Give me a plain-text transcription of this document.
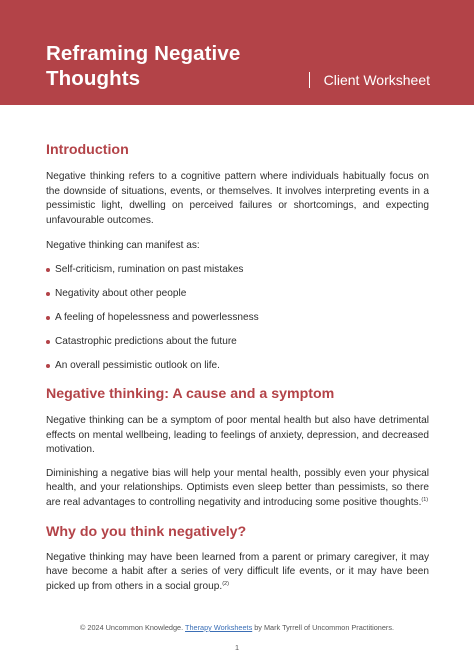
Reframing Negative
Thoughts	Client Worksheet
Introduction

Negative thinking refers to a cognitive pattern where individuals habitually focus on the downside of situations, events, or themselves. It involves interpreting events in a pessimistic light, dwelling on perceived failures or shortcomings, and expecting unfavourable outcomes.

Negative thinking can manifest as:

Self-criticism, rumination on past mistakes
Negativity about other people
A feeling of hopelessness and powerlessness
Catastrophic predictions about the future
An overall pessimistic outlook on life.
Negative thinking: A cause and a symptom

Negative thinking can be a symptom of poor mental health but also have detrimental effects on mental wellbeing, leading to feelings of anxiety, depression, and decreased motivation.

Diminishing a negative bias will help your mental health, possibly even your physical health, and your relationships. Optimists even sleep better than pessimists, so there are real advantages to controlling negativity and introducing some positive thoughts.$^{(1)}$

Why do you think negatively?

Negative thinking may have been learned from a parent or primary caregiver, it may have become a habit after a series of very difficult life events, or it may have been picked up from others in a social group.$^{(2)}$

© 2024 Uncommon Knowledge. Therapy Worksheets by Mark Tyrrell of Uncommon Practitioners.
1
